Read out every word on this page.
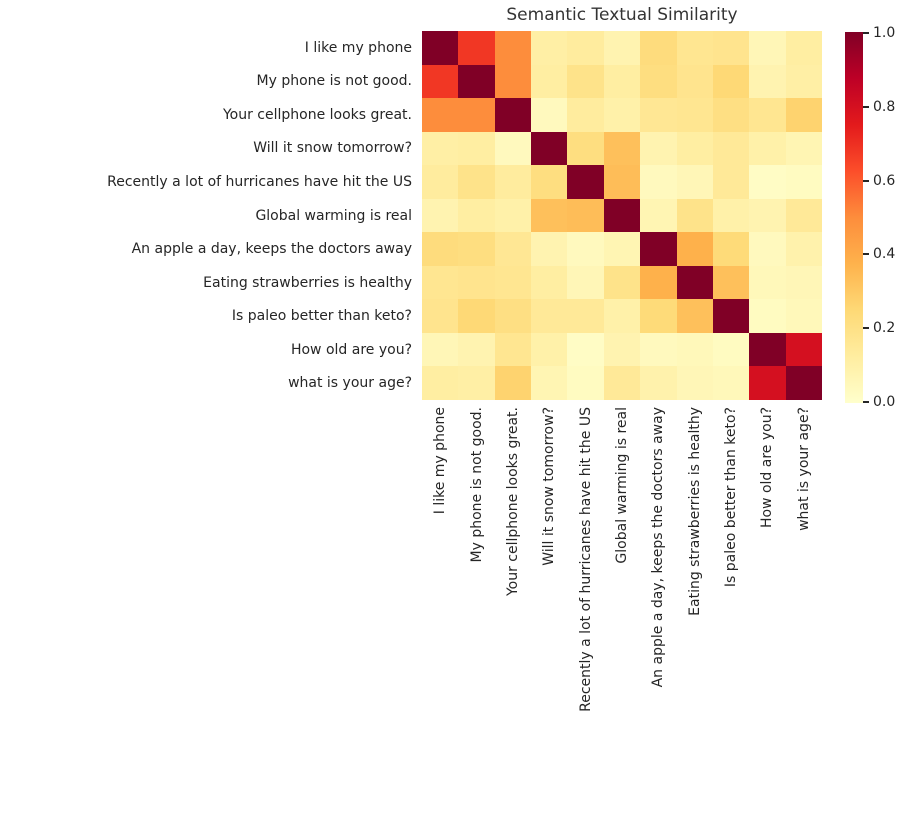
Semantic Textual Similarity
I like my phone
My phone is not good.
Your cellphone looks great.
Will it snow tomorrow?
Recently a lot of hurricanes have hit the US
Global warming is real
An apple a day, keeps the doctors away
Eating strawberries is healthy
Is paleo better than keto?
How old are you?
what is your age?
I like my phone My phone is not good. Your cellphone looks great. Will it snow tomorrow? Recently a lot of hurricanes have hit the US Global warming is real An apple a day, keeps the doctors away Eating strawberries is healthy Is paleo better than keto? How old are you? what is your age?
1.0
0.8
0.6
0.4
0.2
0.0
